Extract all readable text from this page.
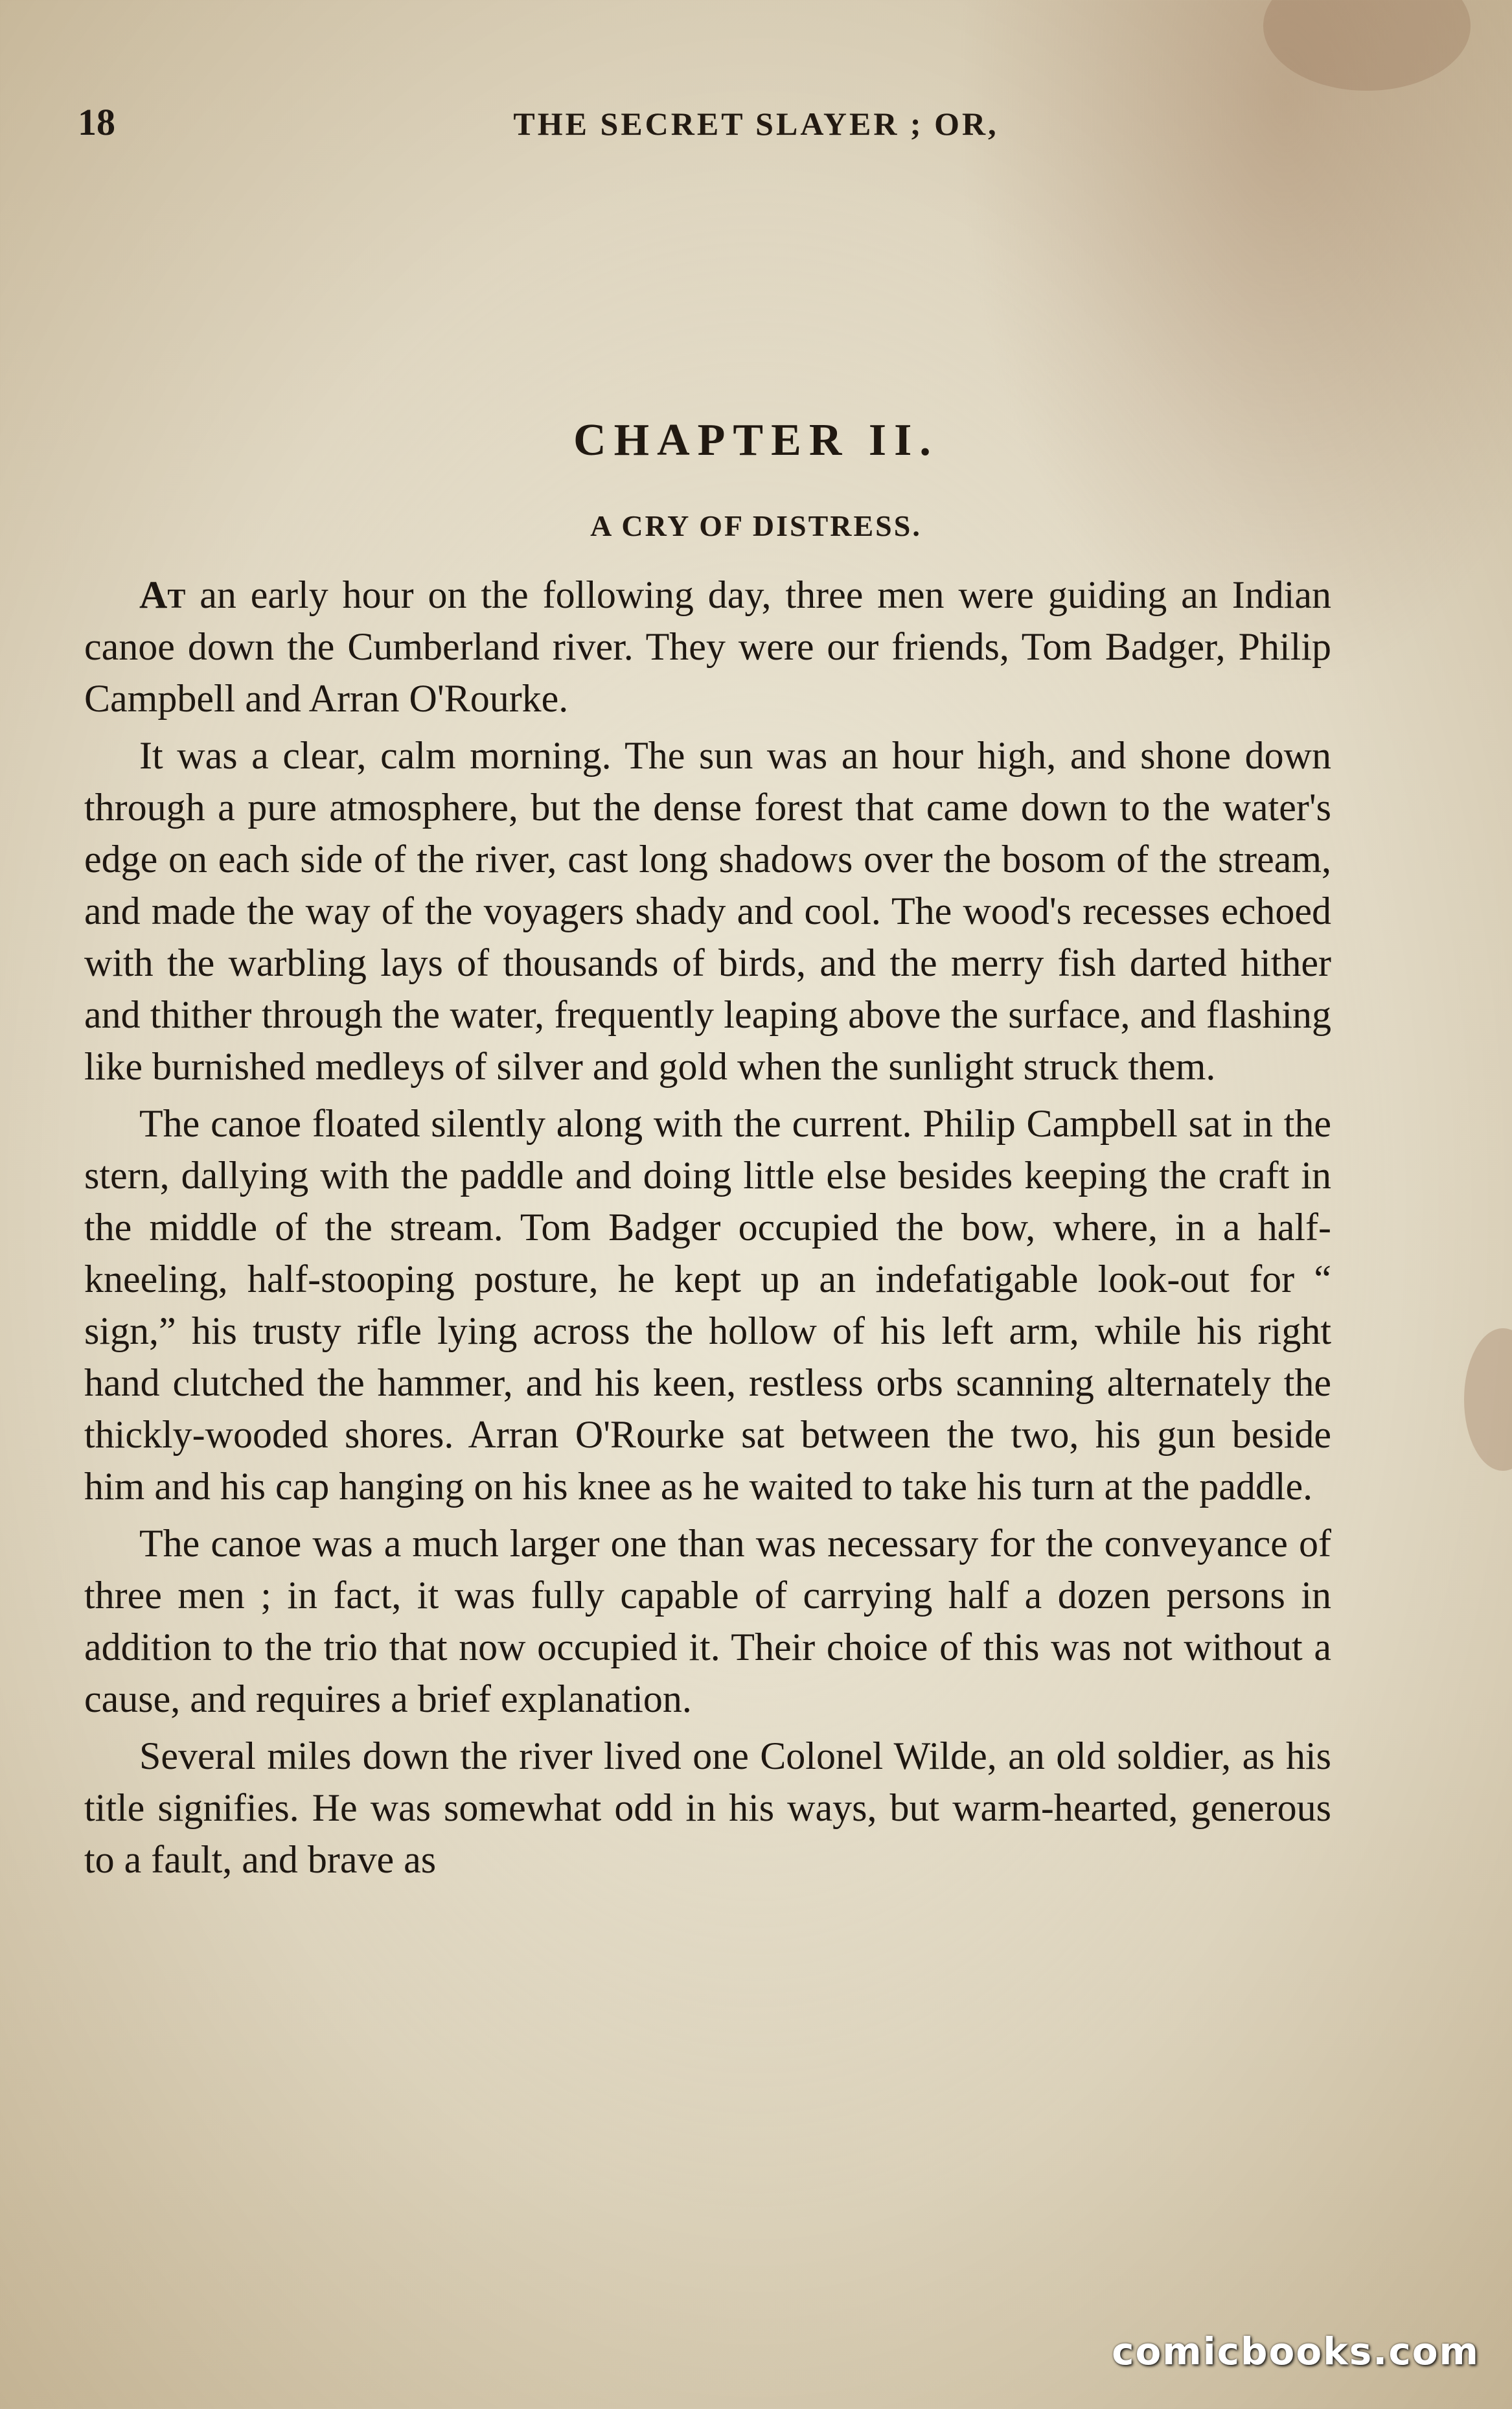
18	THE SECRET SLAYER ; OR,
CHAPTER II.
A CRY OF DISTRESS.

At an early hour on the following day, three men were guiding an Indian canoe down the Cumberland river. They were our friends, Tom Badger, Philip Campbell and Arran O'Rourke.

It was a clear, calm morning. The sun was an hour high, and shone down through a pure atmosphere, but the dense forest that came down to the water's edge on each side of the river, cast long shadows over the bosom of the stream, and made the way of the voyagers shady and cool. The wood's recesses echoed with the warbling lays of thousands of birds, and the merry fish darted hither and thither through the water, frequently leaping above the surface, and flashing like burnished medleys of silver and gold when the sunlight struck them.

The canoe floated silently along with the current. Philip Campbell sat in the stern, dallying with the paddle and doing little else besides keeping the craft in the middle of the stream. Tom Badger occupied the bow, where, in a half-kneeling, half-stooping posture, he kept up an indefatigable look-out for “ sign,” his trusty rifle lying across the hollow of his left arm, while his right hand clutched the hammer, and his keen, restless orbs scanning alternately the thickly-wooded shores. Arran O'Rourke sat between the two, his gun beside him and his cap hanging on his knee as he waited to take his turn at the paddle.

The canoe was a much larger one than was necessary for the conveyance of three men ; in fact, it was fully capable of carrying half a dozen persons in addition to the trio that now occupied it. Their choice of this was not without a cause, and requires a brief explanation.

Several miles down the river lived one Colonel Wilde, an old soldier, as his title signifies. He was somewhat odd in his ways, but warm-hearted, generous to a fault, and brave as

comicbooks.com
